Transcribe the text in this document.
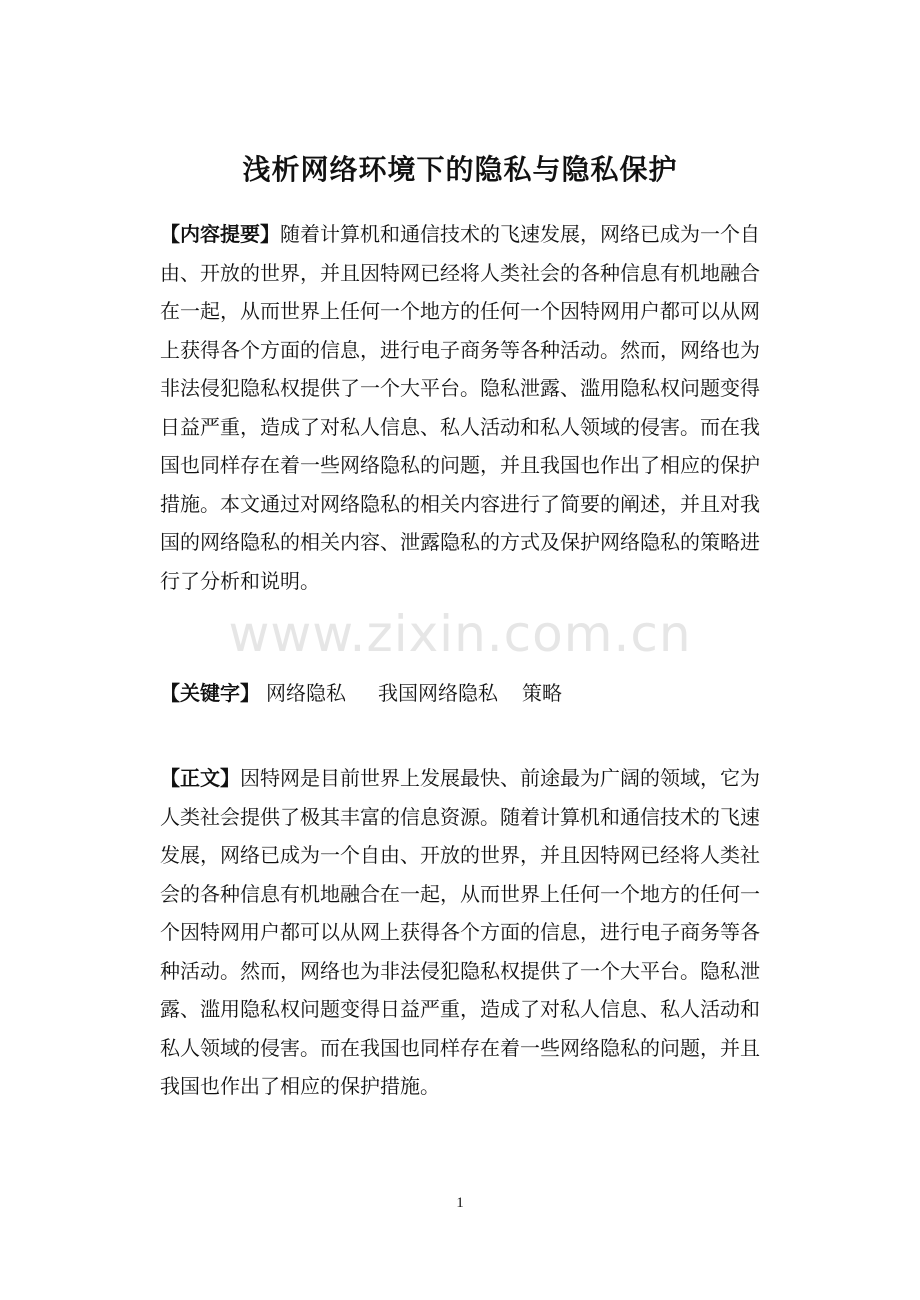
www.zixin.com.cn
浅析网络环境下的隐私与隐私保护

【内容提要】随着计算机和通信技术的飞速发展，网络已成为一个自由、开放的世界，并且因特网已经将人类社会的各种信息有机地融合在一起，从而世界上任何一个地方的任何一个因特网用户都可以从网上获得各个方面的信息，进行电子商务等各种活动。然而，网络也为非法侵犯隐私权提供了一个大平台。隐私泄露、滥用隐私权问题变得日益严重，造成了对私人信息、私人活动和私人领域的侵害。而在我国也同样存在着一些网络隐私的问题，并且我国也作出了相应的保护措施。本文通过对网络隐私的相关内容进行了简要的阐述，并且对我国的网络隐私的相关内容、泄露隐私的方式及保护网络隐私的策略进行了分析和说明。

【关键字】 网络隐私 我国网络隐私 策略

【正文】因特网是目前世界上发展最快、前途最为广阔的领域，它为人类社会提供了极其丰富的信息资源。随着计算机和通信技术的飞速发展，网络已成为一个自由、开放的世界，并且因特网已经将人类社会的各种信息有机地融合在一起，从而世界上任何一个地方的任何一个因特网用户都可以从网上获得各个方面的信息，进行电子商务等各种活动。然而，网络也为非法侵犯隐私权提供了一个大平台。隐私泄露、滥用隐私权问题变得日益严重，造成了对私人信息、私人活动和私人领域的侵害。而在我国也同样存在着一些网络隐私的问题，并且我国也作出了相应的保护措施。

1
